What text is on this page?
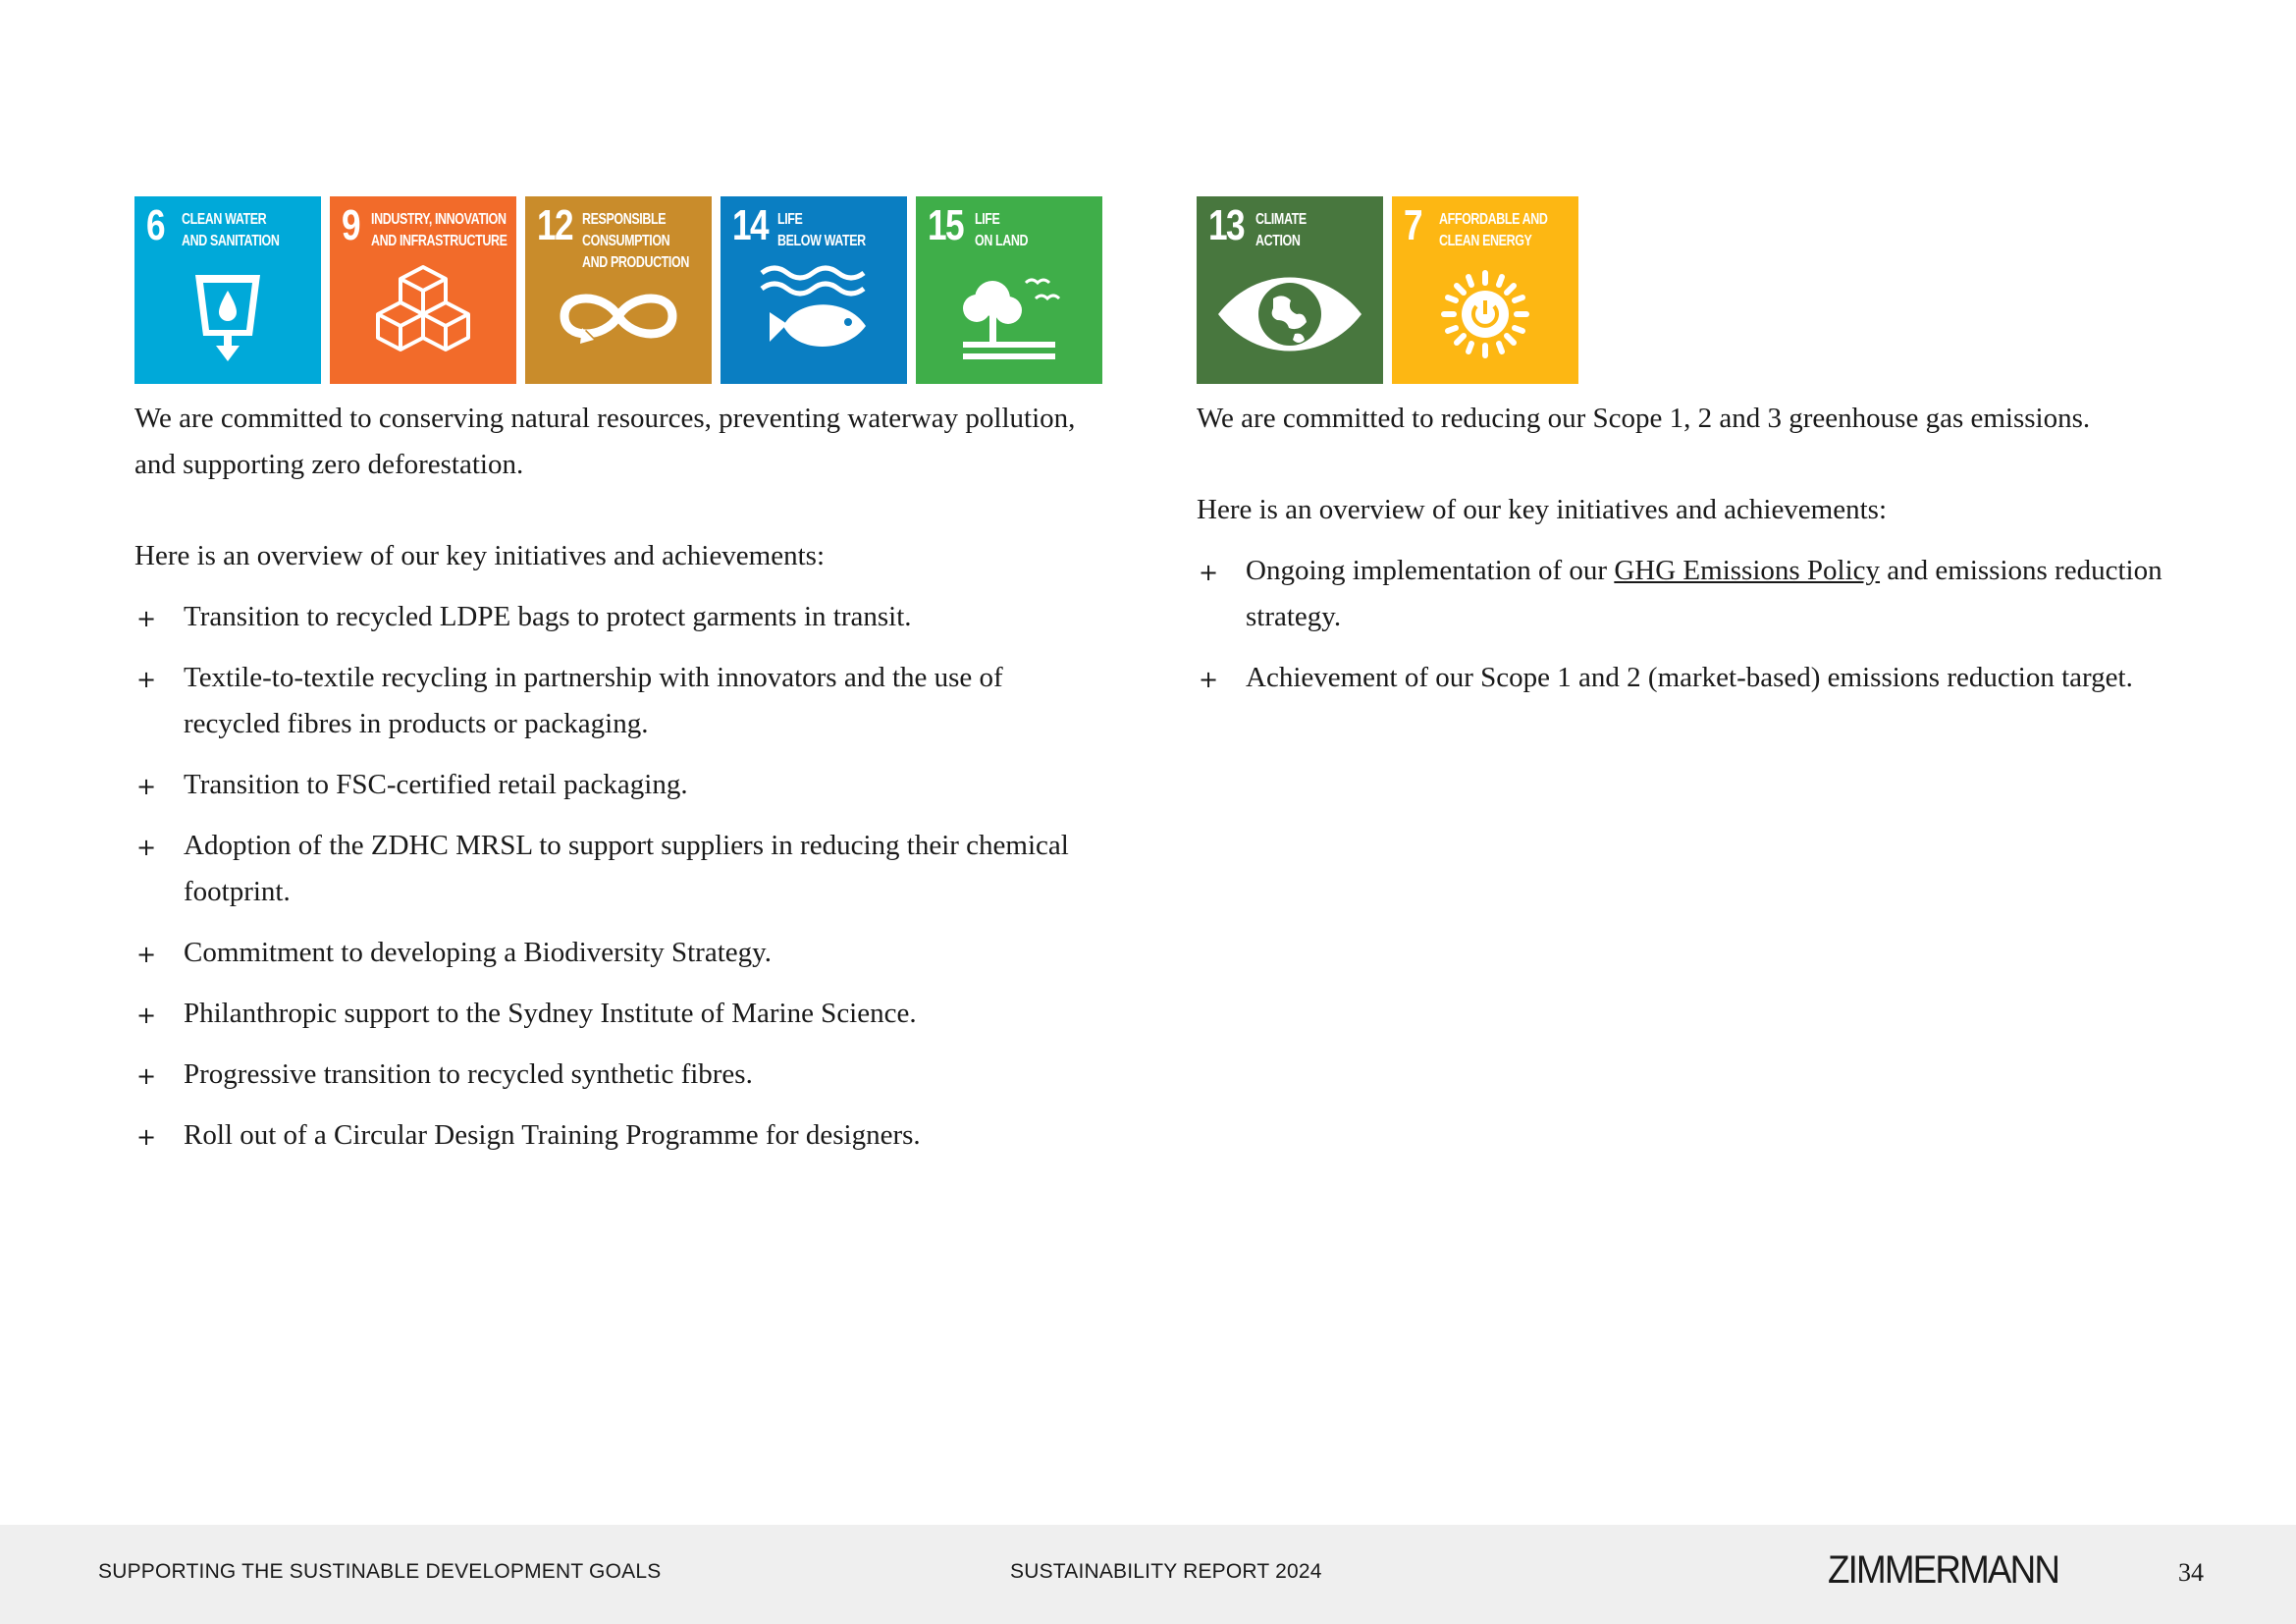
6 CLEAN WATER
AND SANITATION	9 INDUSTRY, INNOVATION
AND INFRASTRUCTURE 12 RESPONSIBLE
CONSUMPTION
AND PRODUCTION
14 LIFE
BELOW WATER	15 LIFE
ON LAND

We are committed to conserving natural resources, preventing waterway pollution, and supporting zero deforestation.

Here is an overview of our key initiatives and achievements:

+ Transition to recycled LDPE bags to protect garments in transit.
+ Textile-to-textile recycling in partnership with innovators and the use of recycled fibres in products or packaging.
+ Transition to FSC-certified retail packaging.
+ Adoption of the ZDHC MRSL to support suppliers in reducing their chemical footprint.
+ Commitment to developing a Biodiversity Strategy.
+ Philanthropic support to the Sydney Institute of Marine Science.
+ Progressive transition to recycled synthetic fibres.
+ Roll out of a Circular Design Training Programme for designers.
13 CLIMATE
ACTION	7 AFFORDABLE AND
CLEAN ENERGY

We are committed to reducing our Scope 1, 2 and 3 greenhouse gas emissions.

Here is an overview of our key initiatives and achievements:

+ Ongoing implementation of our GHG Emissions Policy and emissions reduction strategy.
+ Achievement of our Scope 1 and 2 (market-based) emissions reduction target.
SUPPORTING THE SUSTINABLE DEVELOPMENT GOALS	SUSTAINABILITY REPORT 2024	ZIMMERMANN	34
